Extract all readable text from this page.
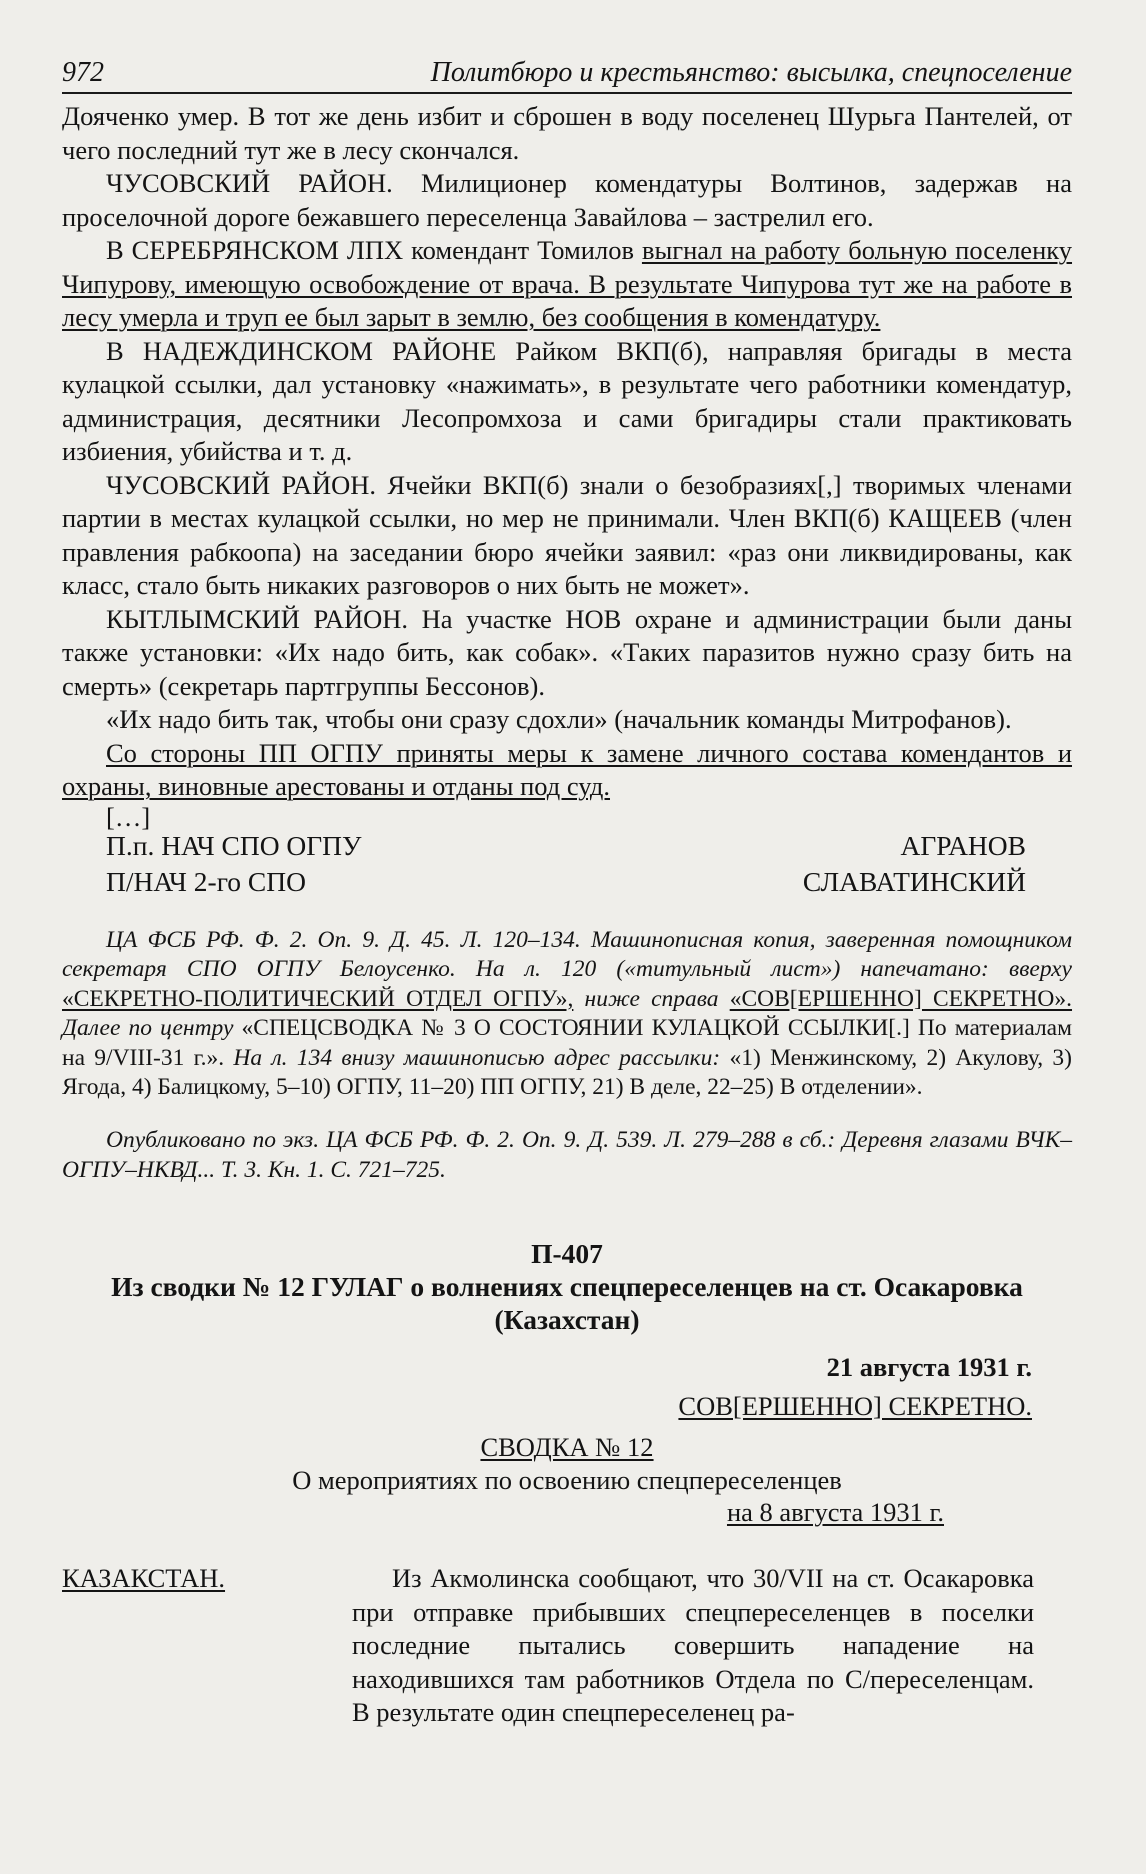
972	Политбюро и крестьянство: высылка, спецпоселение

Дояченко умер. В тот же день избит и сброшен в воду поселенец Шурьга Пантелей, от чего последний тут же в лесу скончался.

ЧУСОВСКИЙ РАЙОН. Милиционер комендатуры Волтинов, задержав на проселочной дороге бежавшего переселенца Завайлова – застрелил его.

В СЕРЕБРЯНСКОМ ЛПХ комендант Томилов выгнал на работу больную поселенку Чипурову, имеющую освобождение от врача. В результате Чипурова тут же на работе в лесу умерла и труп ее был зарыт в землю, без сообщения в комендатуру.

В НАДЕЖДИНСКОМ РАЙОНЕ Райком ВКП(б), направляя бригады в места кулацкой ссылки, дал установку «нажимать», в результате чего работники комендатур, администрация, десятники Лесопромхоза и сами бригадиры стали практиковать избиения, убийства и т. д.

ЧУСОВСКИЙ РАЙОН. Ячейки ВКП(б) знали о безобразиях[,] творимых членами партии в местах кулацкой ссылки, но мер не принимали. Член ВКП(б) КАЩЕЕВ (член правления рабкоопа) на заседании бюро ячейки заявил: «раз они ликвидированы, как класс, стало быть никаких разговоров о них быть не может».

КЫТЛЫМСКИЙ РАЙОН. На участке НОВ охране и администрации были даны также установки: «Их надо бить, как собак». «Таких паразитов нужно сразу бить на смерть» (секретарь партгруппы Бессонов).

«Их надо бить так, чтобы они сразу сдохли» (начальник команды Митрофанов).

Со стороны ПП ОГПУ приняты меры к замене личного состава комендантов и охраны, виновные арестованы и отданы под суд.

[…]
П.п. НАЧ СПО ОГПУ	АГРАНОВ
П/НАЧ 2-го СПО	СЛАВАТИНСКИЙ

ЦА ФСБ РФ. Ф. 2. Оп. 9. Д. 45. Л. 120–134. Машинописная копия, заверенная помощником секретаря СПО ОГПУ Белоусенко. На л. 120 («титульный лист») напечатано: вверху «СЕКРЕТНО-ПОЛИТИЧЕСКИЙ ОТДЕЛ ОГПУ», ниже справа «СОВ[ЕРШЕННО] СЕКРЕТНО». Далее по центру «СПЕЦСВОДКА № 3 О СОСТОЯНИИ КУЛАЦКОЙ ССЫЛКИ[.] По материалам на 9/VIII-31 г.». На л. 134 внизу машинописью адрес рассылки: «1) Менжинскому, 2) Акулову, 3) Ягода, 4) Балицкому, 5–10) ОГПУ, 11–20) ПП ОГПУ, 21) В деле, 22–25) В отделении».

Опубликовано по экз. ЦА ФСБ РФ. Ф. 2. Оп. 9. Д. 539. Л. 279–288 в сб.: Деревня глазами ВЧК–ОГПУ–НКВД... Т. 3. Кн. 1. С. 721–725.

П-407
Из сводки № 12 ГУЛАГ о волнениях спецпереселенцев на ст. Осакаровка (Казахстан)
21 августа 1931 г.
СОВ[ЕРШЕННО] СЕКРЕТНО.
СВОДКА № 12
О мероприятиях по освоению спецпереселенцев
на 8 августа 1931 г.
КАЗАКСТАН.	Из Акмолинска сообщают, что 30/VII на ст. Осакаровка при отправке прибывших спецпереселенцев в поселки последние пытались совершить нападение на находившихся там работников Отдела по С/переселенцам. В результате один спецпереселенец ра-
